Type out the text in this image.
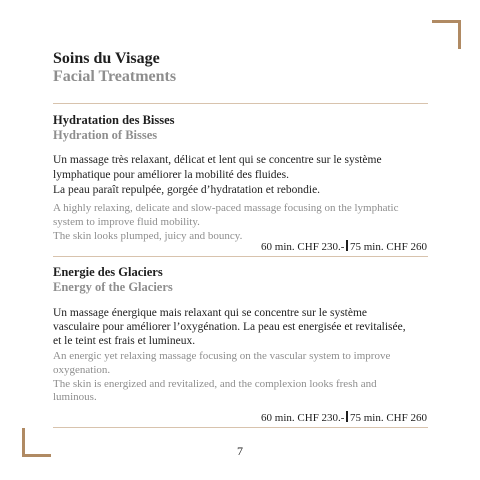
Soins du Visage
Facial Treatments
Hydratation des Bisses
Hydration of Bisses
Un massage très relaxant, délicat et lent qui se concentre sur le système
lymphatique pour améliorer la mobilité des fluides.
La peau paraît repulpée, gorgée d’hydratation et rebondie.
A highly relaxing, delicate and slow-paced massage focusing on the lymphatic
system to improve fluid mobility.
The skin looks plumped, juicy and bouncy.
60 min. CHF 230.- 75 min. CHF 260
Energie des Glaciers
Energy of the Glaciers
Un massage énergique mais relaxant qui se concentre sur le système
vasculaire pour améliorer l’oxygénation. La peau est energisée et revitalisée,
et le teint est frais et lumineux.
An energic yet relaxing massage focusing on the vascular system to improve
oxygenation.
The skin is energized and revitalized, and the complexion looks fresh and
luminous.
60 min. CHF 230.- 75 min. CHF 260
7
